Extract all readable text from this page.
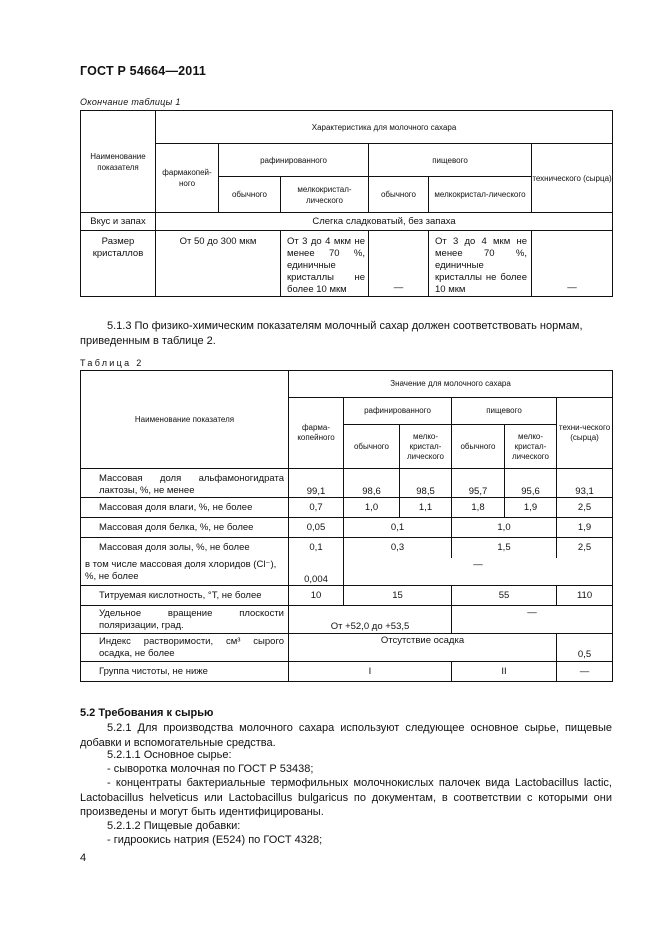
ГОСТ Р 54664—2011
Окончание таблицы 1
Наименование показателя	Характеристика для молочного сахара					
	фармакопей-ного	рафинированного		пищевого		технического (сырца)
		обычного	мелкокристал-лического	обычного	мелкокристал-лического	
Вкус и запах	Слегка сладковатый, без запаха					
Размер кристаллов	От 50 до 300 мкм		От 3 до 4 мкм не менее 70 %, единичные кристаллы не более 10 мкм	—	От 3 до 4 мкм не менее 70 %, единичные кристаллы не более 10 мкм	—
5.1.3 По физико-химическим показателям молочный сахар должен соответствовать нормам, приведенным в таблице 2.
Таблица 2
Наименование показателя	Значение для молочного сахара					
	фарма-копейного	рафинированного		пищевого		техни-ческого (сырца)
		обычного	мелко-кристал-лического	обычного	мелко-кристал-лического	
Массовая доля альфамоногидрата лактозы, %, не менее	99,1	98,6	98,5	95,7	95,6	93,1
Массовая доля влаги, %, не более	0,7	1,0	1,1	1,8	1,9	2,5
Массовая доля белка, %, не более	0,05	0,1		1,0		1,9
Массовая доля золы, %, не более	0,1	0,3		1,5		2,5
в том числе массовая доля хлоридов (Cl⁻), %, не более	0,004	—				
Титруемая кислотность, °Т, не более	10	15		55		110
Удельное вращение плоскости поляризации, град.	От +52,0 до +53,5			—		
Индекс растворимости, см³ сырого осадка, не более	Отсутствие осадка					0,5
Группа чистоты, не ниже	I			II		—
5.2 Требования к сырью
5.2.1 Для производства молочного сахара используют следующее основное сырье, пищевые добавки и вспомогательные средства.
5.2.1.1 Основное сырье:
- сыворотка молочная по ГОСТ Р 53438;
- концентраты бактериальные термофильных молочнокислых палочек вида Lactobacillus lactic, Lactobacillus helveticus или Lactobacillus bulgaricus по документам, в соответствии с которыми они произведены и могут быть идентифицированы.
5.2.1.2 Пищевые добавки:
- гидроокись натрия (Е524) по ГОСТ 4328;
4
